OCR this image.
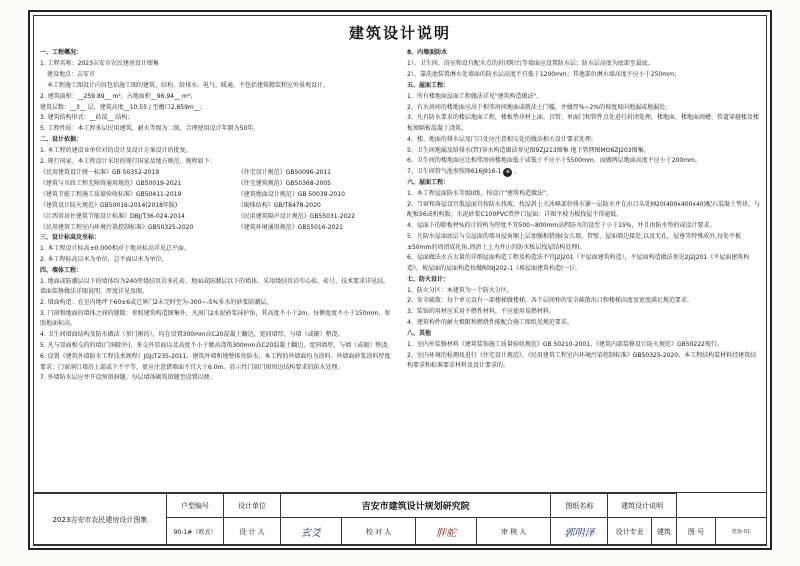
建筑设计说明

一、工程概况：

1. 工程名称：2023吉安市农民建房设计图集

建设地点：吉安市

本工程施工图设计内容包括施工图的建筑、结构、给排水、电气、暖通，不包括建筑精装和室外景观设计。

2. 建筑面积：__259.89__ m²，占地面积__96.94__ m²；

建筑层数：__3__ 层，建筑高度__10.55 / 至檐口2.859m__；

3. 建筑结构形式：__砖混__ 结构；

5. 工程性质：本工程多层民用建筑，耐火等级为二级，合理使用设计年限为50年。

二、设计依据：

1. 本工程的建设业单位对的设计及设计方案设计的批复。

2. 现行国家、本工程设计采用的现行国家及地方规范、规程如下：

《民用建筑设计统一标准》GB 50352-2019	《住宅设计规范》GB50096-2011

《建筑与市政工程无障碍通用规范》GB50019-2021	《住宅建筑规范》GB50368-2005

《建筑节能工程施工质量验收标准》GB50411-2019	《建筑地面设计规范》GB 50039-2010

《建筑设计防火规范》GB50016-2014(2018年版)	《砌体结构》GB/T8478-2020

《江西省居住建筑节能设计标准》DBJ/T36-024-2014	《民用建筑隔声设计规范》GB55031-2022

《民用建筑工程室内环境污染控制标准》GB50325-2020	《建筑环境通用规范》GB55016-2021

三、设计标高及坐标：

1. 本工程设计标高±0.000相对于地对标高详见总平面。

2. 本工程标高以米为单位，总平面以米为单位。

四、墙体工程：

1. 地面或防潮层以下的墙体均为240厚烧结页岩多孔砖，地面或防潮层以下的墙体，采用烧结页岩实心砖，砖号，技术要求详见结。墙面装修做法详图说明，厚度详见及图。

2. 墙面构造：在室内地坪下60±6或已界门2未完时至为-300~-5%多水的砂浆防潮层。

3. 门窗和地面的墙体之间的缝隙：参照建筑构造图集外，凡窗门2水泥砂浆抹护角，其高度不小于2m，每侧宽度不小于150mm，参照地面标高。

4. 卫生间墙面结构及防水做法（参门刚的），均在设置300mm高C20混凝土翻边，宽同墙厚，与墙（或砌）整浇。

5. 凡与显面相交的的墙(门洞除外)，多交外显面以及高度不小于做高浇筑300mm高C20混凝土翻边，宽同墙厚，与墙（或砌）整浇。

6. 设置《建筑外墙防水工程技术规程》JGJ/T235-2011，建筑外墙和地整体外防水，本工程的外墙面均为涂料。外墙面砂浆涂料厚度要求：门窗洞口墙沿上部或下不平等，更应注意错墙面不宜大于6.0m。显示性门窗门窗周边结构要求的防水处理。

7. 外墙防水层应并开设预留洞缝，每层墙体砌筑留缝至设置以便。

8、内墙面防水

1）、卫生间、浴室和设有配水点的封闭阳台等墙面应设置防水层；防水层高度为底部至最底。

2）、靠洗池装置淋水处墙面的防水层高度不宜低于1200mm；其他部位淋水墙高度不应小于250mm；

五、屋面工程：

1、所有楼地面屋面工程做法详见"建筑构造做法"。

2、有水房间的楼地面应高于相邻房间地面或就法上门槛，并做厚%~2%的坡度坡向地漏或地漏处。

3、凡有防水要求的楼层地面工程，楼板垫块材上面、音管、单面门和管件点处进行封闭处理，楼地面、楼地面润槽、管道穿越楼及楼板须隔板混凝土浇筑。

4、楼、地面的排水层及门口处应注意相交处的做法相关设计要求处理。

5、卫生间地漏及给排水(管)穿水构造做法参见图9ZJ213图集 地下管网图MO6ZJ203图集。

6、卫生间的楼地面应比相邻房间楼地面低于或低于不应小于5500mm，而做两层地面高度不应小于200mm。

7、卫生间管气池参照图616J916-1 ⊕ 。

六、屋面工程：

1、本工程屋面防水等级II级，按设计"建筑构造做法"。

2、当窗和落屋设宜低屋面宜按防水找坡，找屋斜上关冰峰部位排水铺一层防水并在出口头处M20(400x400x40)配石混凝土垫块，与配板56或机构版；水泥砂浆C100PVC管件口屋面；详图平坡为板找屋不得逾低。

4、屋面下的除板材%的计的构为厚度不宜500~800mm高程防水的设至于小于15%，并且由防水垫的或设计要求。

5、凡防水屋面底层与交屋面的墙身屋角顺上层加强相措施(女儿墙、管壁、屋面墙边接处,以及无孔、屋垂等特殊成外,每处平板±50mm的周清成化角,周清土上为并止的防水板层找屋结构处理)。

6、屋面做法水方大量的详细屋面构造工程及构造法不宜J2J201（平屋面建筑构造），平屋面构造做法参见2J2J201《平屋面建筑构造》，坡屋面的屋面构造按做R09J202-1《坡屋面建筑构造(一)》。

七、防火设计：

1、防火分区：本建筑为一个防火分区。

2、安全疏散：每个单元设有一部楼梯做楼梯，各个层间和的安全疏散出口和楼梯高度及宽度满足规范要求。

3、装饰的用材应采用不燃性材料，不应使用易燃材料。

4、建筑构件的耐火极限和燃烧性能配合施工图纸见规范要求。

八、其他

1、室内外装修材料《建筑装饰施工质量验收规范》GB 50210-2001、《建筑内部装修设计防火规范》GB50222现行。

2、室内环境的检测及进行《住宅设计规范》、《民用建筑工程室内环境污染控制标准》GB50325-2020。本工程结构装材料经建筑结构要求和标准要求材料及设计要求的。

2023吉安市农民建房设计图集	户型编号	设计单位	吉安市建筑设计规划研究院				图纸名称	建筑设计说明			
	90-1#（欧式）	设 计 人	玄爻	校 对 人	胖舵	审 核 人	郭明泽	设计专业	建筑	图 号	建施-01
